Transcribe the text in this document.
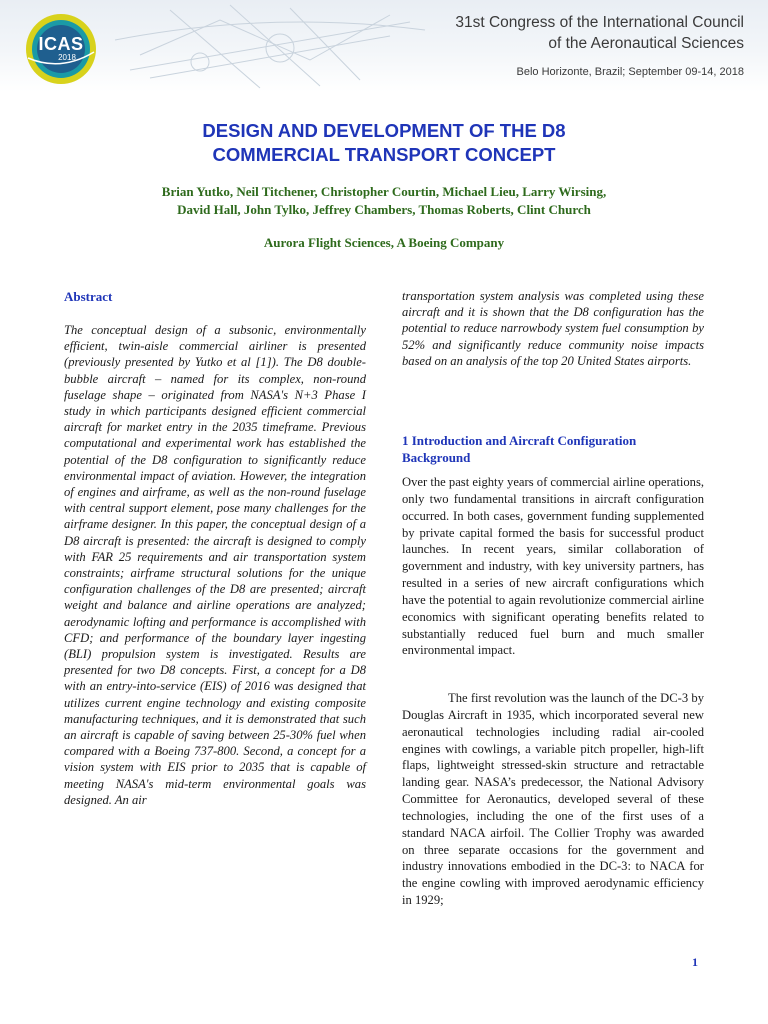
ICAS
2018
31st Congress of the International Council
of the Aeronautical Sciences
Belo Horizonte, Brazil; September 09-14, 2018
DESIGN AND DEVELOPMENT OF THE D8
COMMERCIAL TRANSPORT CONCEPT
Brian Yutko, Neil Titchener, Christopher Courtin, Michael Lieu, Larry Wirsing,
David Hall, John Tylko, Jeffrey Chambers, Thomas Roberts, Clint Church
Aurora Flight Sciences, A Boeing Company
Abstract

The conceptual design of a subsonic, environmentally efficient, twin-aisle commercial airliner is presented (previously presented by Yutko et al [1]). The D8 double-bubble aircraft – named for its complex, non-round fuselage shape – originated from NASA's N+3 Phase I study in which participants designed efficient commercial aircraft for market entry in the 2035 timeframe. Previous computational and experimental work has established the potential of the D8 configuration to significantly reduce environmental impact of aviation. However, the integration of engines and airframe, as well as the non-round fuselage with central support element, pose many challenges for the airframe designer. In this paper, the conceptual design of a D8 aircraft is presented: the aircraft is designed to comply with FAR 25 requirements and air transportation system constraints; airframe structural solutions for the unique configuration challenges of the D8 are presented; aircraft weight and balance and airline operations are analyzed; aerodynamic lofting and performance is accomplished with CFD; and performance of the boundary layer ingesting (BLI) propulsion system is investigated. Results are presented for two D8 concepts. First, a concept for a D8 with an entry-into-service (EIS) of 2016 was designed that utilizes current engine technology and existing composite manufacturing techniques, and it is demonstrated that such an aircraft is capable of saving between 25-30% fuel when compared with a Boeing 737-800. Second, a concept for a vision system with EIS prior to 2035 that is capable of meeting NASA's mid-term environmental goals was designed. An air

transportation system analysis was completed using these aircraft and it is shown that the D8 configuration has the potential to reduce narrowbody system fuel consumption by 52% and significantly reduce community noise impacts based on an analysis of the top 20 United States airports.

1 Introduction and Aircraft Configuration Background

Over the past eighty years of commercial airline operations, only two fundamental transitions in aircraft configuration occurred. In both cases, government funding supplemented by private capital formed the basis for successful product launches. In recent years, similar collaboration of government and industry, with key university partners, has resulted in a series of new aircraft configurations which have the potential to again revolutionize commercial airline economics with significant operating benefits related to substantially reduced fuel burn and much smaller environmental impact.

The first revolution was the launch of the DC-3 by Douglas Aircraft in 1935, which incorporated several new aeronautical technologies including radial air-cooled engines with cowlings, a variable pitch propeller, high-lift flaps, lightweight stressed-skin structure and retractable landing gear. NASA’s predecessor, the National Advisory Committee for Aeronautics, developed several of these technologies, including the one of the first uses of a standard NACA airfoil. The Collier Trophy was awarded on three separate occasions for the government and industry innovations embodied in the DC-3: to NACA for the engine cowling with improved aerodynamic efficiency in 1929;

1
